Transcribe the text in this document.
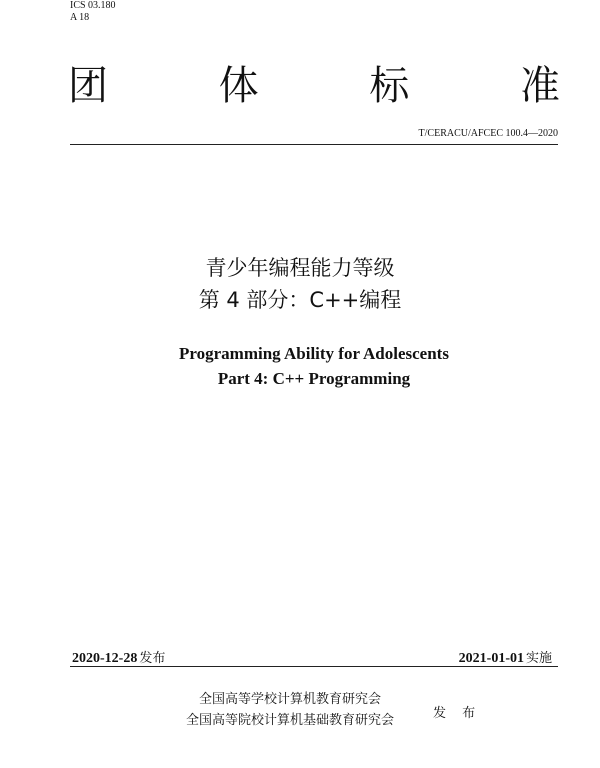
ICS 03.180
A 18
团	体	标	准
T/CERACU/AFCEC 100.4—2020
青少年编程能力等级
第 4 部分：C++编程
Programming Ability for Adolescents
Part 4: C++ Programming
2020-12-28 发布	2021-01-01 实施
全国高等学校计算机教育研究会
全国高等院校计算机基础教育研究会	发 布
